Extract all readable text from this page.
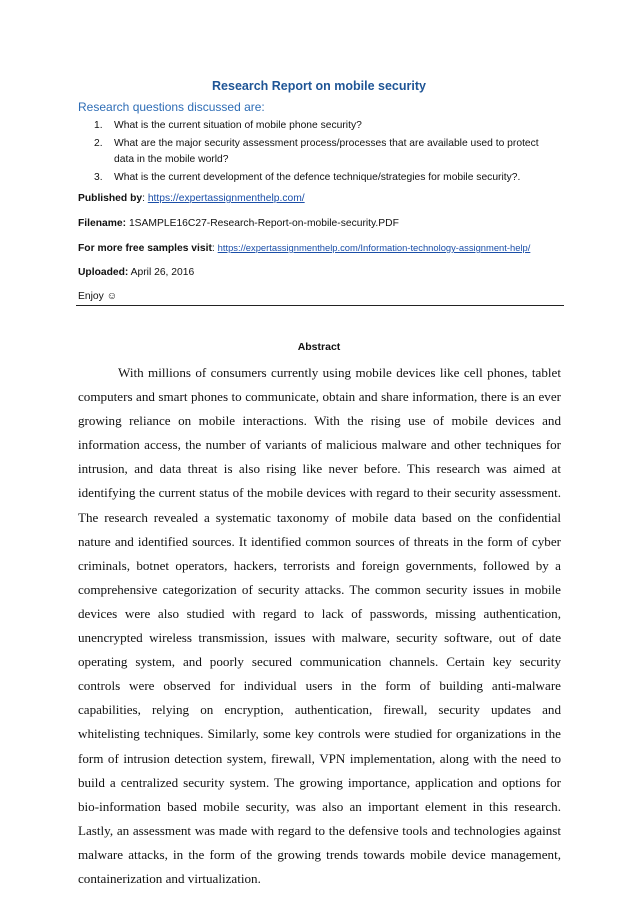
Research Report on mobile security
Research questions discussed are:
1. What is the current situation of mobile phone security?
2. What are the major security assessment process/processes that are available used to protect data in the mobile world?
3. What is the current development of the defence technique/strategies for mobile security?.
Published by: https://expertassignmenthelp.com/
Filename: 1SAMPLE16C27-Research-Report-on-mobile-security.PDF
For more free samples visit: https://expertassignmenthelp.com/Information-technology-assignment-help/
Uploaded: April 26, 2016
Enjoy ☺
Abstract

With millions of consumers currently using mobile devices like cell phones, tablet computers and smart phones to communicate, obtain and share information, there is an ever growing reliance on mobile interactions. With the rising use of mobile devices and information access, the number of variants of malicious malware and other techniques for intrusion, and data threat is also rising like never before. This research was aimed at identifying the current status of the mobile devices with regard to their security assessment. The research revealed a systematic taxonomy of mobile data based on the confidential nature and identified sources. It identified common sources of threats in the form of cyber criminals, botnet operators, hackers, terrorists and foreign governments, followed by a comprehensive categorization of security attacks. The common security issues in mobile devices were also studied with regard to lack of passwords, missing authentication, unencrypted wireless transmission, issues with malware, security software, out of date operating system, and poorly secured communication channels. Certain key security controls were observed for individual users in the form of building anti-malware capabilities, relying on encryption, authentication, firewall, security updates and whitelisting techniques. Similarly, some key controls were studied for organizations in the form of intrusion detection system, firewall, VPN implementation, along with the need to build a centralized security system. The growing importance, application and options for bio-information based mobile security, was also an important element in this research. Lastly, an assessment was made with regard to the defensive tools and technologies against malware attacks, in the form of the growing trends towards mobile device management, containerization and virtualization.
